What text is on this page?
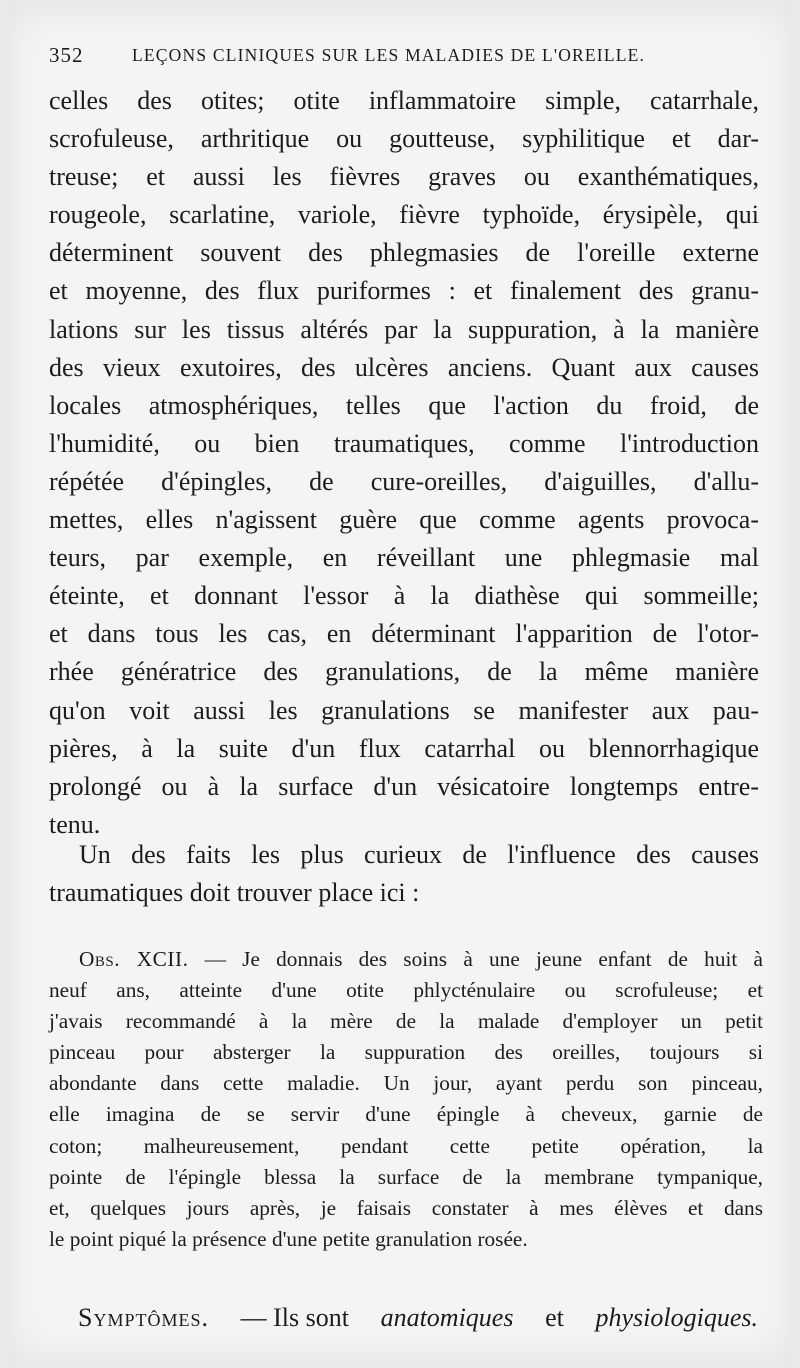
352	LEÇONS CLINIQUES SUR LES MALADIES DE L'OREILLE.
celles des otites; otite inflammatoire simple, catarrhale,
scrofuleuse, arthritique ou goutteuse, syphilitique et dar-
treuse; et aussi les fièvres graves ou exanthématiques,
rougeole, scarlatine, variole, fièvre typhoïde, érysipèle, qui
déterminent souvent des phlegmasies de l'oreille externe
et moyenne, des flux puriformes : et finalement des granu-
lations sur les tissus altérés par la suppuration, à la manière
des vieux exutoires, des ulcères anciens. Quant aux causes
locales atmosphériques, telles que l'action du froid, de
l'humidité, ou bien traumatiques, comme l'introduction
répétée d'épingles, de cure-oreilles, d'aiguilles, d'allu-
mettes, elles n'agissent guère que comme agents provoca-
teurs, par exemple, en réveillant une phlegmasie mal
éteinte, et donnant l'essor à la diathèse qui sommeille;
et dans tous les cas, en déterminant l'apparition de l'otor-
rhée génératrice des granulations, de la même manière
qu'on voit aussi les granulations se manifester aux pau-
pières, à la suite d'un flux catarrhal ou blennorrhagique
prolongé ou à la surface d'un vésicatoire longtemps entre-
tenu.
Un des faits les plus curieux de l'influence des causes
traumatiques doit trouver place ici :
Obs. XCII. — Je donnais des soins à une jeune enfant de huit à
neuf ans, atteinte d'une otite phlycténulaire ou scrofuleuse; et
j'avais recommandé à la mère de la malade d'employer un petit
pinceau pour absterger la suppuration des oreilles, toujours si
abondante dans cette maladie. Un jour, ayant perdu son pinceau,
elle imagina de se servir d'une épingle à cheveux, garnie de
coton; malheureusement, pendant cette petite opération, la
pointe de l'épingle blessa la surface de la membrane tympanique,
et, quelques jours après, je faisais constater à mes élèves et dans
le point piqué la présence d'une petite granulation rosée.
Symptômes. — Ils sont anatomiques et physiologiques.
